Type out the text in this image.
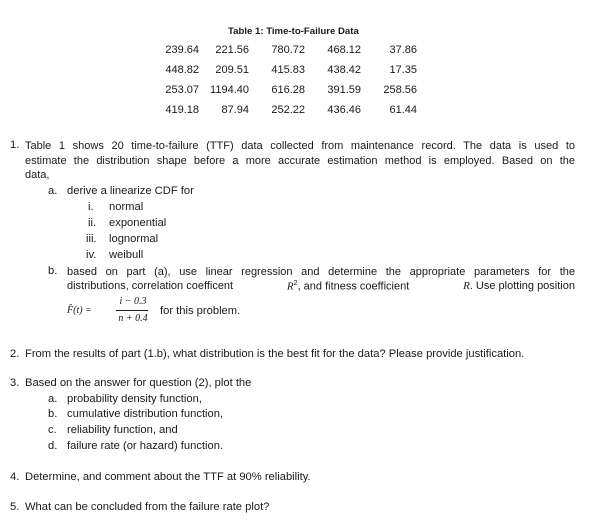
Table 1: Time-to-Failure Data
239.64	221.56	780.72	468.12	37.86
448.82	209.51	415.83	438.42	17.35
253.07	1194.40	616.28	391.59	258.56
419.18	87.94	252.22	436.46	61.44
1. Table 1 shows 20 time-to-failure (TTF) data collected from maintenance record. The data is used to
estimate the distribution shape before a more accurate estimation method is employed. Based on the
data,
a. derive a linearize CDF for
i. normal
ii. exponential
iii. lognormal
iv. weibull
b. based on part (a), use linear regression and determine the appropriate parameters for the
distributions, correlation coefficent	$R^2$, and fitness coefficient	R. Use plotting position
F̂(t) =
i − 0.3
n + 0.4
for this problem.
2. From the results of part (1.b), what distribution is the best fit for the data? Please provide justification.
3. Based on the answer for question (2), plot the
a. probability density function,
b. cumulative distribution function,
c. reliability function, and
d. failure rate (or hazard) function.
4. Determine, and comment about the TTF at 90% reliability.
5. What can be concluded from the failure rate plot?
